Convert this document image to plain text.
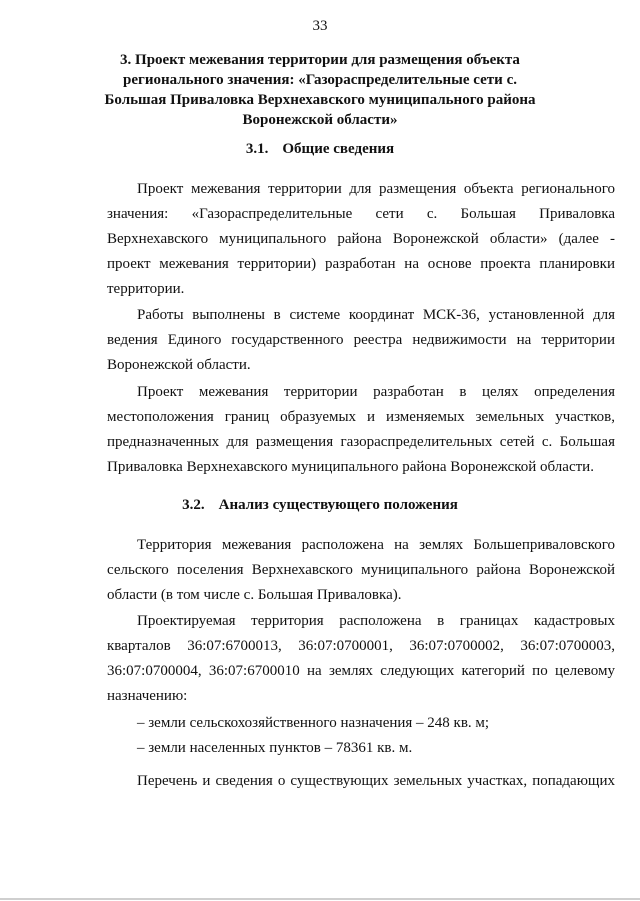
33

3. Проект межевания территории для размещения объекта регионального значения: «Газораспределительные сети с. Большая Приваловка Верхнехавского муниципального района Воронежской области»

3.1. Общие сведения

Проект межевания территории для размещения объекта регионального значения: «Газораспределительные сети с. Большая Приваловка Верхнехавского муниципального района Воронежской области» (далее - проект межевания территории) разработан на основе проекта планировки территории.

Работы выполнены в системе координат МСК-36, установленной для ведения Единого государственного реестра недвижимости на территории Воронежской области.

Проект межевания территории разработан в целях определения местоположения границ образуемых и изменяемых земельных участков, предназначенных для размещения газораспределительных сетей с. Большая Приваловка Верхнехавского муниципального района Воронежской области.

3.2. Анализ существующего положения

Территория межевания расположена на землях Большеприваловского сельского поселения Верхнехавского муниципального района Воронежской области (в том числе с. Большая Приваловка).

Проектируемая территория расположена в границах кадастровых кварталов 36:07:6700013, 36:07:0700001, 36:07:0700002, 36:07:0700003, 36:07:0700004, 36:07:6700010 на землях следующих категорий по целевому назначению:

– земли сельскохозяйственного назначения – 248 кв. м;

– земли населенных пунктов – 78361 кв. м.

Перечень и сведения о существующих земельных участках, попадающих
